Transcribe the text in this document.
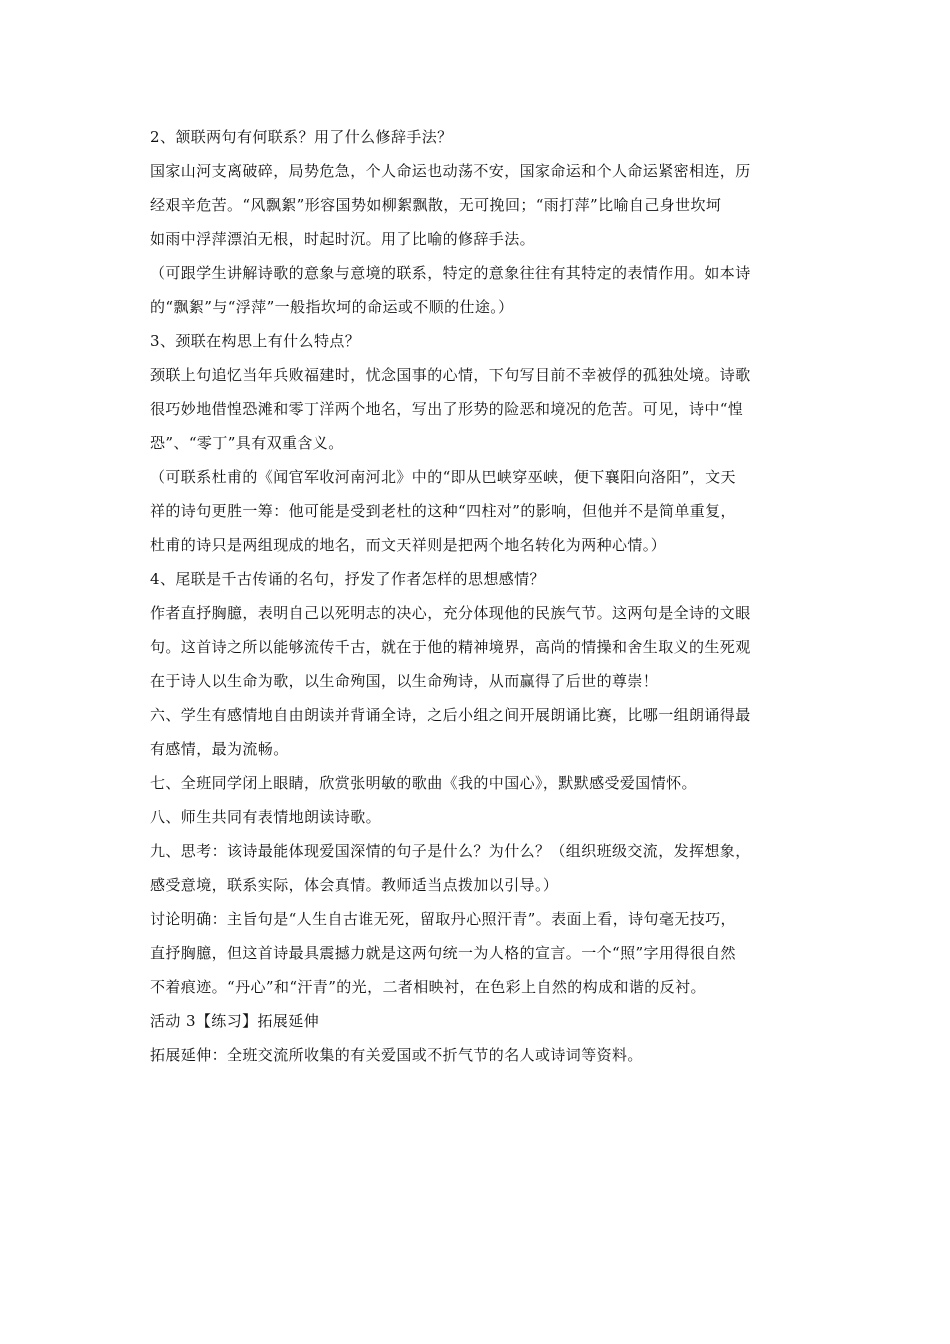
2、颔联两句有何联系？用了什么修辞手法？

国家山河支离破碎，局势危急，个人命运也动荡不安，国家命运和个人命运紧密相连，历

经艰辛危苦。“风飘絮”形容国势如柳絮飘散，无可挽回；“雨打萍”比喻自己身世坎坷

如雨中浮萍漂泊无根，时起时沉。用了比喻的修辞手法。

（可跟学生讲解诗歌的意象与意境的联系，特定的意象往往有其特定的表情作用。如本诗

的“飘絮”与“浮萍”一般指坎坷的命运或不顺的仕途。）

3、颈联在构思上有什么特点？

颈联上句追忆当年兵败福建时，忧念国事的心情，下句写目前不幸被俘的孤独处境。诗歌

很巧妙地借惶恐滩和零丁洋两个地名，写出了形势的险恶和境况的危苦。可见，诗中“惶

恐”、“零丁”具有双重含义。

（可联系杜甫的《闻官军收河南河北》中的“即从巴峡穿巫峡，便下襄阳向洛阳”，文天

祥的诗句更胜一筹：他可能是受到老杜的这种“四柱对”的影响，但他并不是简单重复，

杜甫的诗只是两组现成的地名，而文天祥则是把两个地名转化为两种心情。）

4、尾联是千古传诵的名句，抒发了作者怎样的思想感情？

作者直抒胸臆，表明自己以死明志的决心，充分体现他的民族气节。这两句是全诗的文眼

句。这首诗之所以能够流传千古，就在于他的精神境界，高尚的情操和舍生取义的生死观

在于诗人以生命为歌，以生命殉国，以生命殉诗，从而赢得了后世的尊崇！

六、学生有感情地自由朗读并背诵全诗，之后小组之间开展朗诵比赛，比哪一组朗诵得最

有感情，最为流畅。

七、全班同学闭上眼睛，欣赏张明敏的歌曲《我的中国心》，默默感受爱国情怀。

八、师生共同有表情地朗读诗歌。

九、思考：该诗最能体现爱国深情的句子是什么？为什么？（组织班级交流，发挥想象，

感受意境，联系实际，体会真情。教师适当点拨加以引导。）

讨论明确：主旨句是“人生自古谁无死，留取丹心照汗青”。表面上看，诗句毫无技巧，

直抒胸臆，但这首诗最具震撼力就是这两句统一为人格的宣言。一个“照”字用得很自然

不着痕迹。“丹心”和“汗青”的光，二者相映衬，在色彩上自然的构成和谐的反衬。

活动 3【练习】拓展延伸

拓展延伸：全班交流所收集的有关爱国或不折气节的名人或诗词等资料。
